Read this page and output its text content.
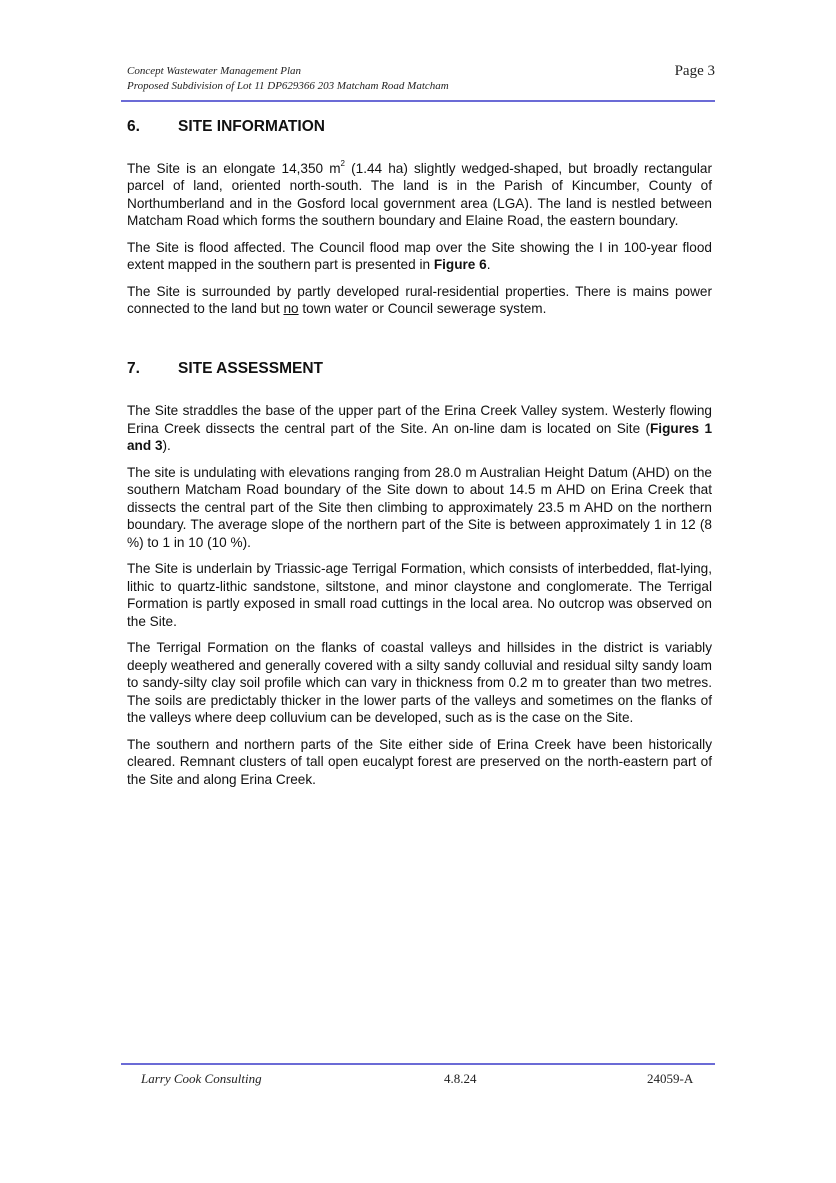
Concept Wastewater Management Plan
Proposed Subdivision of Lot 11 DP629366 203 Matcham Road Matcham
Page 3
6.	SITE INFORMATION

The Site is an elongate 14,350 $m^2$ (1.44 ha) slightly wedged-shaped, but broadly rectangular parcel of land, oriented north-south. The land is in the Parish of Kincumber, County of Northumberland and in the Gosford local government area (LGA). The land is nestled between Matcham Road which forms the southern boundary and Elaine Road, the eastern boundary.

The Site is flood affected. The Council flood map over the Site showing the I in 100-year flood extent mapped in the southern part is presented in Figure 6.

The Site is surrounded by partly developed rural-residential properties. There is mains power connected to the land but no town water or Council sewerage system.

7.	SITE ASSESSMENT

The Site straddles the base of the upper part of the Erina Creek Valley system. Westerly flowing Erina Creek dissects the central part of the Site. An on-line dam is located on Site (Figures 1 and 3).

The site is undulating with elevations ranging from 28.0 m Australian Height Datum (AHD) on the southern Matcham Road boundary of the Site down to about 14.5 m AHD on Erina Creek that dissects the central part of the Site then climbing to approximately 23.5 m AHD on the northern boundary. The average slope of the northern part of the Site is between approximately 1 in 12 (8 %) to 1 in 10 (10 %).

The Site is underlain by Triassic-age Terrigal Formation, which consists of interbedded, flat-lying, lithic to quartz-lithic sandstone, siltstone, and minor claystone and conglomerate. The Terrigal Formation is partly exposed in small road cuttings in the local area. No outcrop was observed on the Site.

The Terrigal Formation on the flanks of coastal valleys and hillsides in the district is variably deeply weathered and generally covered with a silty sandy colluvial and residual silty sandy loam to sandy-silty clay soil profile which can vary in thickness from 0.2 m to greater than two metres. The soils are predictably thicker in the lower parts of the valleys and sometimes on the flanks of the valleys where deep colluvium can be developed, such as is the case on the Site.

The southern and northern parts of the Site either side of Erina Creek have been historically cleared. Remnant clusters of tall open eucalypt forest are preserved on the north-eastern part of the Site and along Erina Creek.

Larry Cook Consulting	4.8.24	24059-A
